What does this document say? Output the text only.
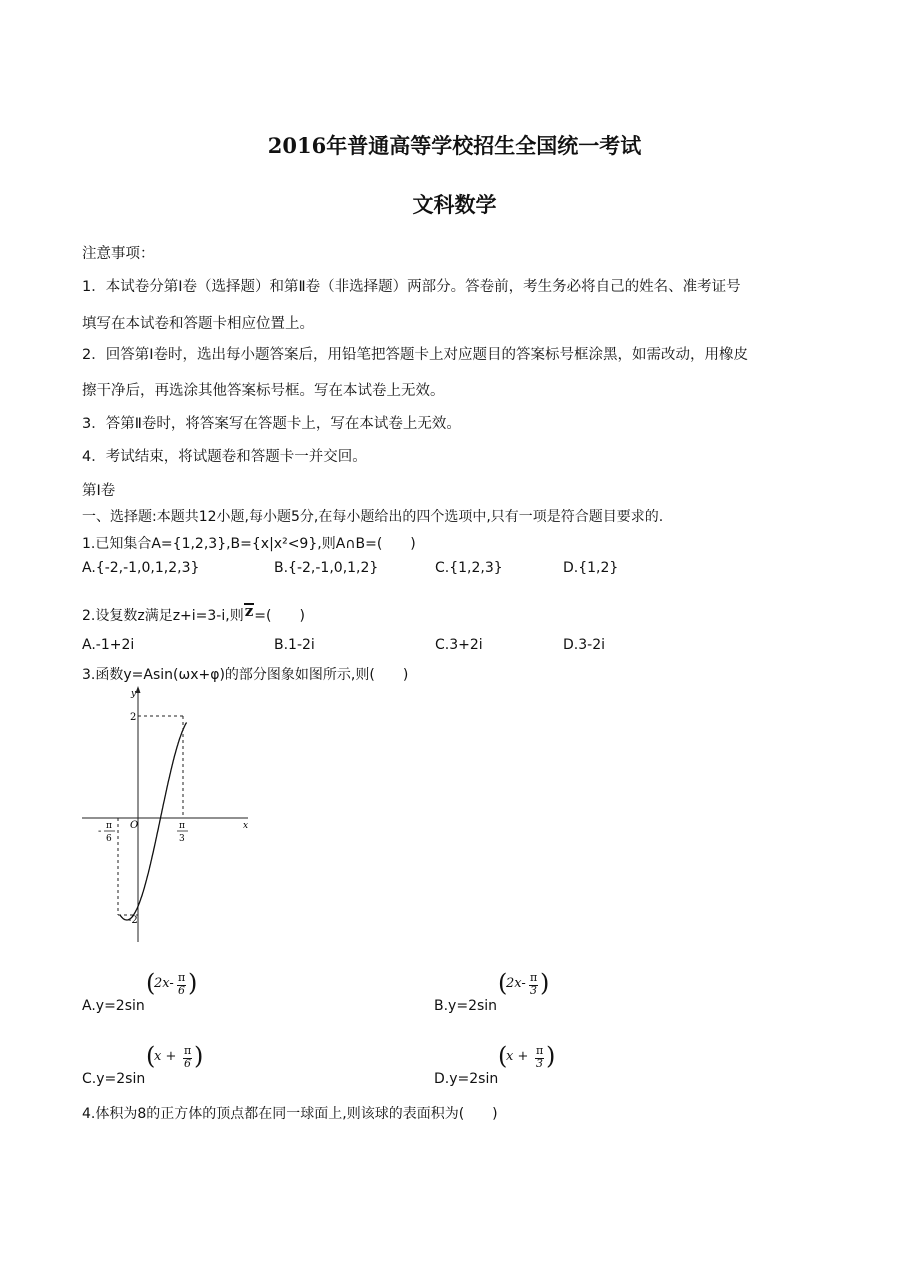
2016年普通高等学校招生全国统一考试
文科数学
注意事项：
1．本试卷分第Ⅰ卷（选择题）和第Ⅱ卷（非选择题）两部分。答卷前，考生务必将自己的姓名、准考证号
填写在本试卷和答题卡相应位置上。
2．回答第Ⅰ卷时，选出每小题答案后，用铅笔把答题卡上对应题目的答案标号框涂黑，如需改动，用橡皮
擦干净后，再选涂其他答案标号框。写在本试卷上无效。
3．答第Ⅱ卷时，将答案写在答题卡上，写在本试卷上无效。
4．考试结束，将试题卷和答题卡一并交回。
第Ⅰ卷
一、选择题:本题共12小题,每小题5分,在每小题给出的四个选项中,只有一项是符合题目要求的.
1.已知集合A={1,2,3},B={x|x²<9},则A∩B=(　　)
A.{-2,-1,0,1,2,3}	B.{-2,-1,0,1,2}	C.{1,2,3}	D.{1,2}
2.设复数z满足z+i=3-i,则z=(　　)
A.-1+2i	B.1-2i	C.3+2i	D.3-2i
3.函数y=Asin(ωx+φ)的部分图象如图所示,则(　　)
y
x
O
2
-2
- π
6
π
3
A.y=2sin
(
2x- π
6 )
B.y=2sin
(
2x- π
3 )
C.y=2sin
(
x + π
6 )
D.y=2sin
(
x + π
3 )
4.体积为8的正方体的顶点都在同一球面上,则该球的表面积为(　　)
